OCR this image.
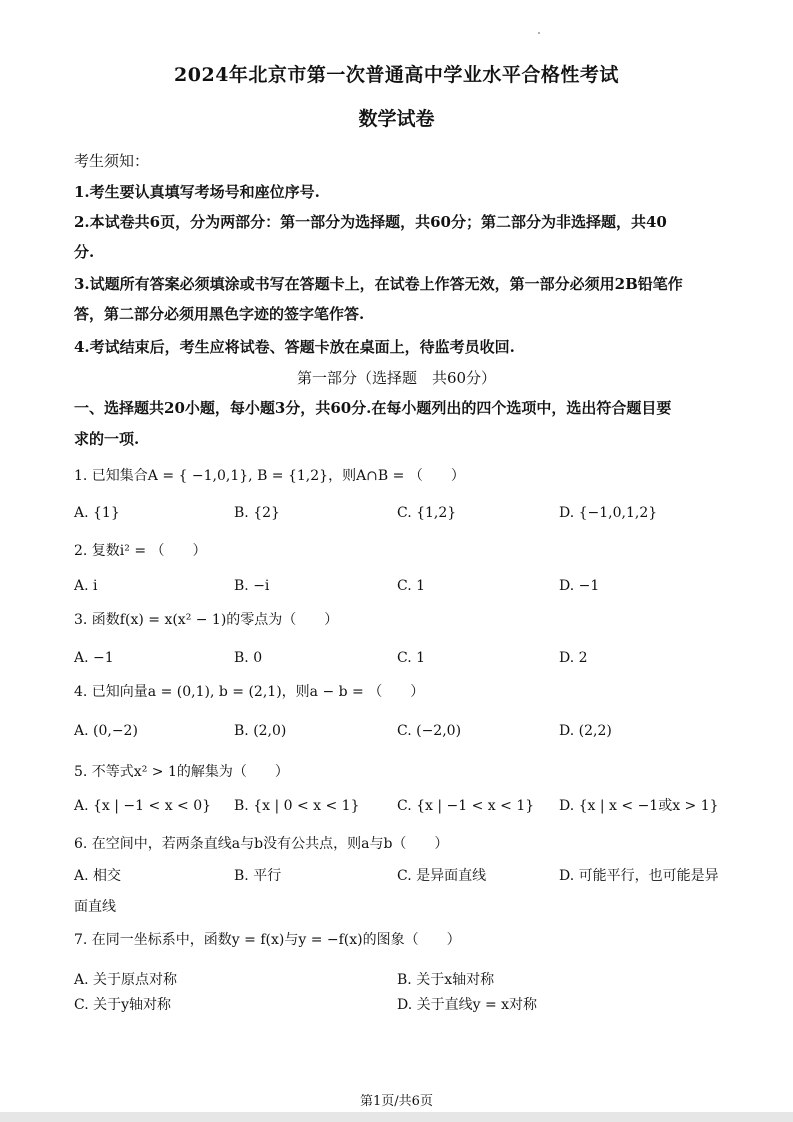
2024年北京市第一次普通高中学业水平合格性考试
数学试卷
考生须知：
1.考生要认真填写考场号和座位序号.
2.本试卷共6页，分为两部分：第一部分为选择题，共60分；第二部分为非选择题，共40
分.
3.试题所有答案必须填涂或书写在答题卡上，在试卷上作答无效，第一部分必须用2B铅笔作
答，第二部分必须用黑色字迹的签字笔作答.
4.考试结束后，考生应将试卷、答题卡放在桌面上，待监考员收回.
第一部分（选择题　共60分）
一、选择题共20小题，每小题3分，共60分.在每小题列出的四个选项中，选出符合题目要
求的一项.
1. 已知集合A = { −1,0,1}, B = {1,2}，则A∩B = （　　）
A. {1}	B. {2}	C. {1,2}	D. {−1,0,1,2}
2. 复数i² = （　　）
A. i	B. −i	C. 1	D. −1
3. 函数f(x) = x(x² − 1)的零点为（　　）
A. −1	B. 0	C. 1	D. 2
4. 已知向量a = (0,1), b = (2,1)，则a − b = （　　）
A. (0,−2)	B. (2,0)	C. (−2,0)	D. (2,2)
5. 不等式x² > 1的解集为（　　）
A. {x | −1 < x < 0} B. {x | 0 < x < 1}	C. {x | −1 < x < 1} D. {x | x < −1或x > 1}
6. 在空间中，若两条直线a与b没有公共点，则a与b（　　）
A. 相交	B. 平行	C. 是异面直线	D. 可能平行，也可能是异
面直线
7. 在同一坐标系中，函数y = f(x)与y = −f(x)的图象（　　）
A. 关于原点对称	B. 关于x轴对称
C. 关于y轴对称	D. 关于直线y = x对称
第1页/共6页
